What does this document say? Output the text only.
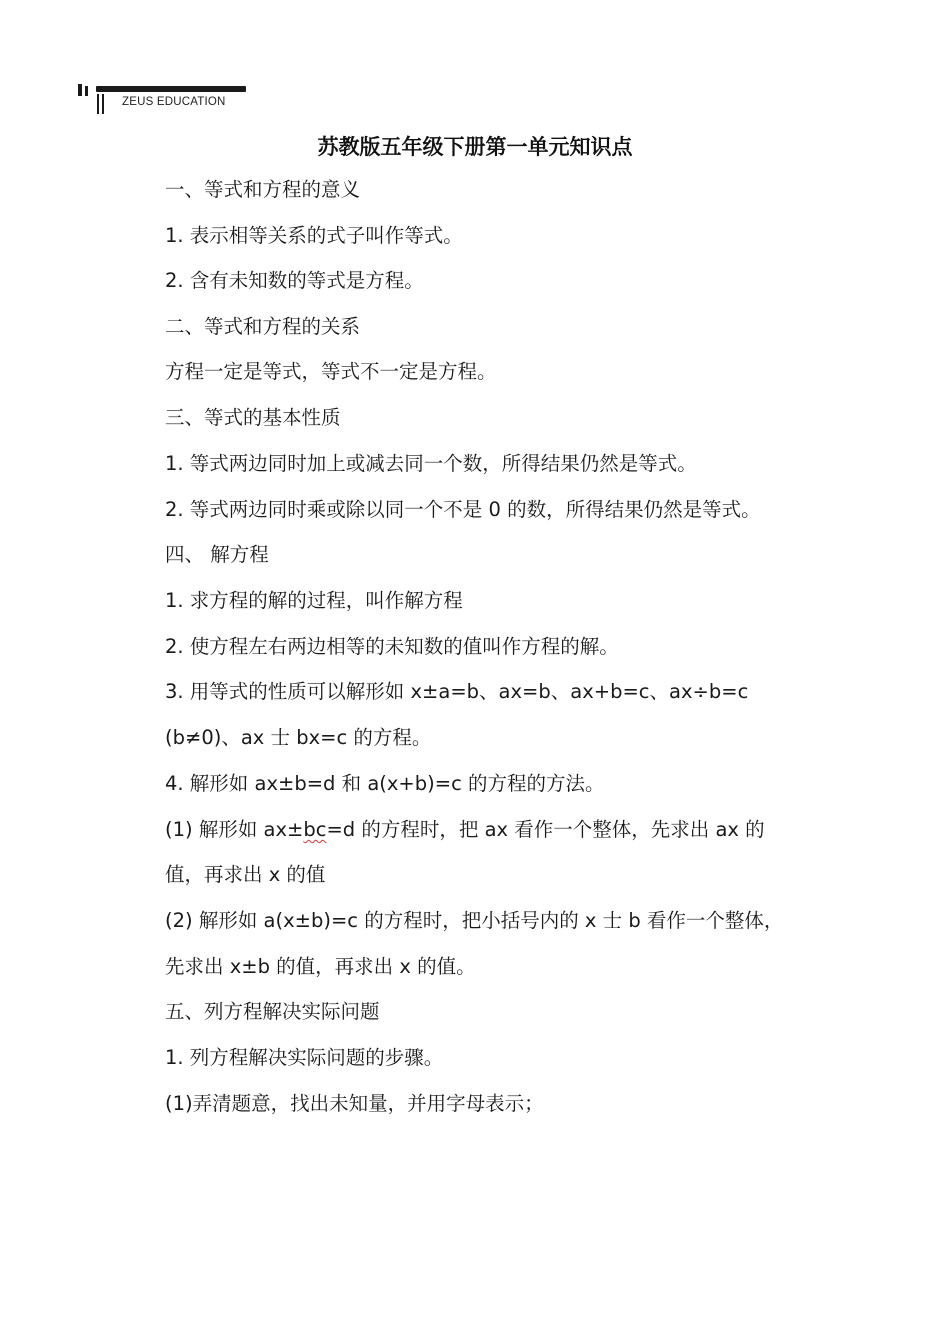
ZEUS EDUCATION
苏教版五年级下册第一单元知识点
一、等式和方程的意义
1. 表示相等关系的式子叫作等式。
2. 含有未知数的等式是方程。
二、等式和方程的关系
方程一定是等式，等式不一定是方程。
三、等式的基本性质
1. 等式两边同时加上或减去同一个数，所得结果仍然是等式。
2. 等式两边同时乘或除以同一个不是 0 的数，所得结果仍然是等式。
四、 解方程
1. 求方程的解的过程，叫作解方程
2. 使方程左右两边相等的未知数的值叫作方程的解。
3. 用等式的性质可以解形如 x±a=b、ax=b、ax+b=c、ax÷b=c
(b≠0)、ax 士 bx=c 的方程。
4. 解形如 ax±b=d 和 a(x+b)=c 的方程的方法。
(1) 解形如 ax±bc=d 的方程时，把 ax 看作一个整体，先求出 ax 的
值，再求出 x 的值
(2) 解形如 a(x±b)=c 的方程时，把小括号内的 x 士 b 看作一个整体，
先求出 x±b 的值，再求出 x 的值。
五、列方程解决实际问题
1. 列方程解决实际问题的步骤。
(1)弄清题意，找出未知量，并用字母表示；
